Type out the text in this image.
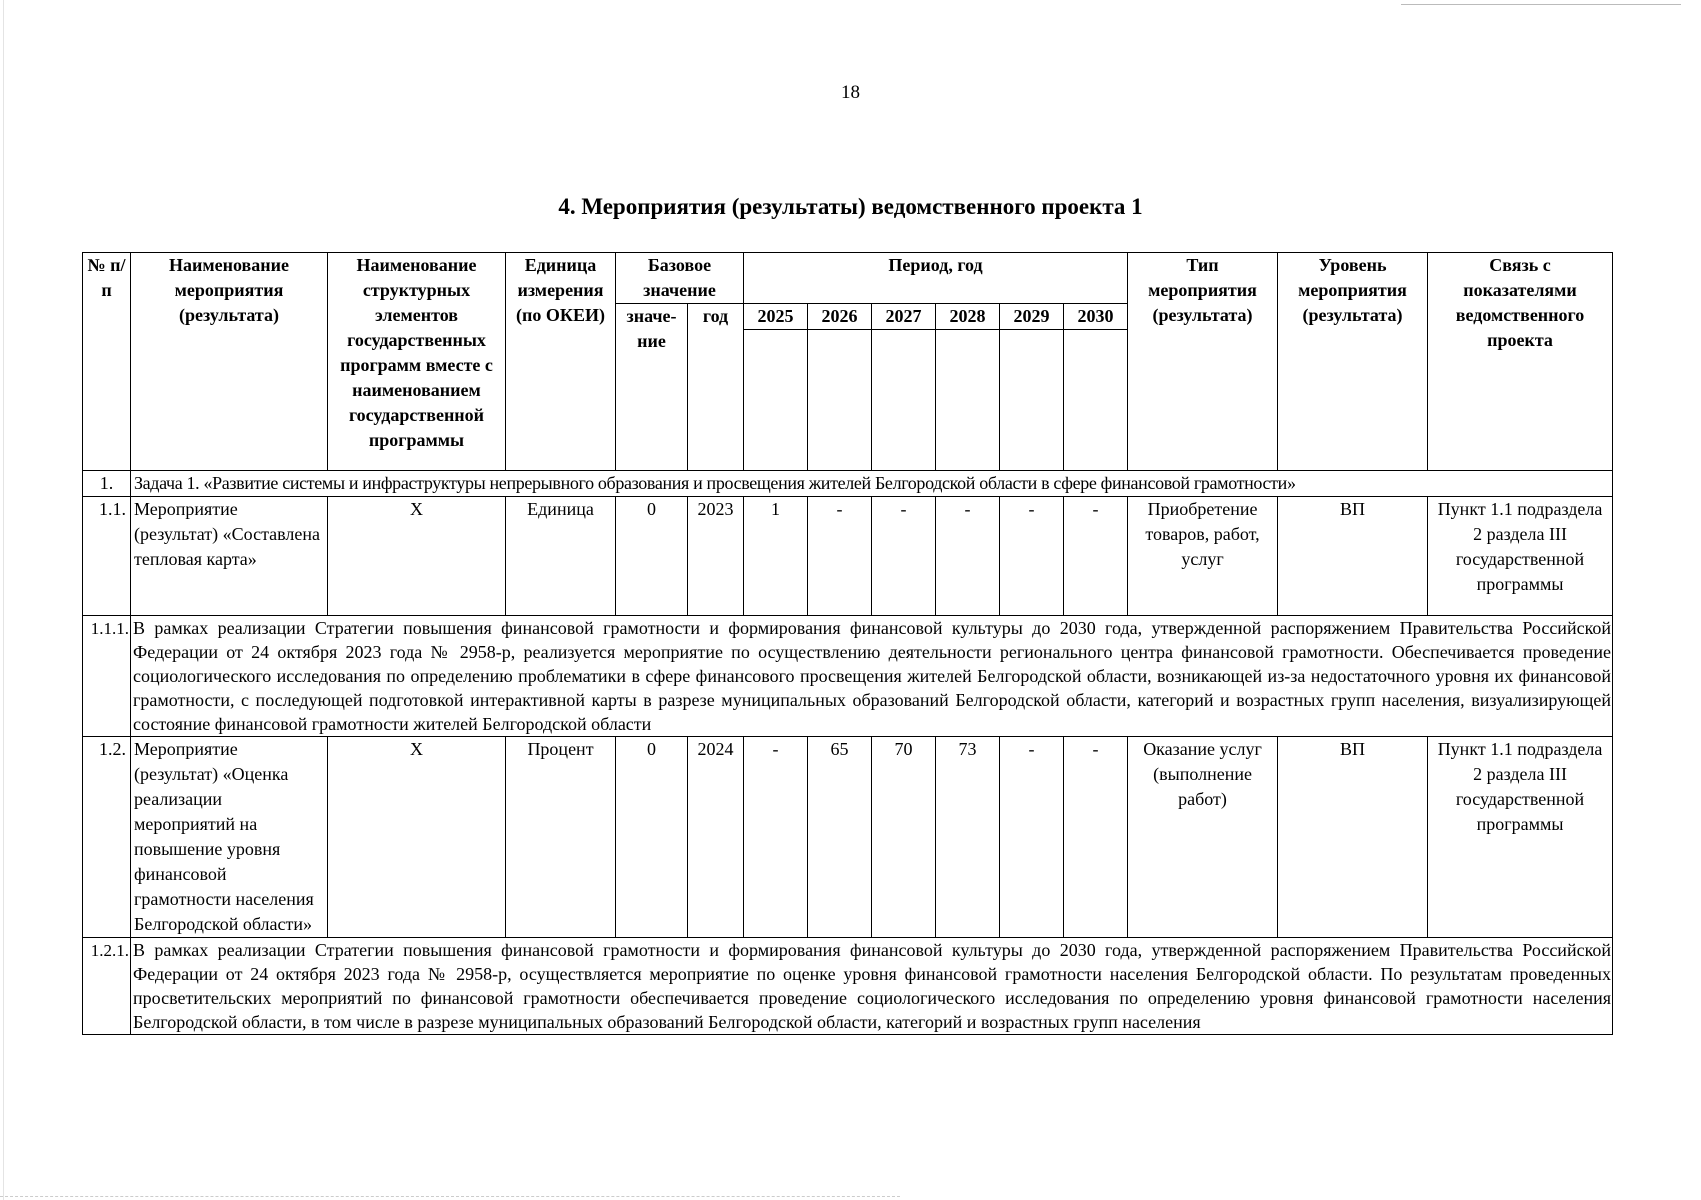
18
4. Мероприятия (результаты) ведомственного проекта 1
№ п/п	Наименование мероприятия (результата)	Наименование структурных элементов государственных программ вместе с наименованием государственной программы	Единица измерения (по ОКЕИ)	Базовое значение		Период, год						Тип мероприятия (результата)	Уровень мероприятия (результата)	Связь с показателями ведомственного проекта
				значе-ние	год	2025	2026	2027	2028	2029	2030			

1.	Задача 1. «Развитие системы и инфраструктуры непрерывного образования и просвещения жителей Белгородской области в сфере финансовой грамотности»													
1.1.	Мероприятие (результат) «Составлена тепловая карта»	Х	Единица	0	2023	1	-	-	-	-	-	Приобретение товаров, работ, услуг	ВП	Пункт 1.1 подраздела 2 раздела III государственной программы
1.1.1.	В рамках реализации Стратегии повышения финансовой грамотности и формирования финансовой культуры до 2030 года, утвержденной распоряжением Правительства Российской Федерации от 24 октября 2023 года № 2958-р, реализуется мероприятие по осуществлению деятельности регионального центра финансовой грамотности. Обеспечивается проведение социологического исследования по определению проблематики в сфере финансового просвещения жителей Белгородской области, возникающей из-за недостаточного уровня их финансовой грамотности, с последующей подготовкой интерактивной карты в разрезе муниципальных образований Белгородской области, категорий и возрастных групп населения, визуализирующей состояние финансовой грамотности жителей Белгородской области													
1.2.	Мероприятие (результат) «Оценка реализации мероприятий на повышение уровня финансовой грамотности населения Белгородской области»	Х	Процент	0	2024	-	65	70	73	-	-	Оказание услуг (выполнение работ)	ВП	Пункт 1.1 подраздела 2 раздела III государственной программы
1.2.1.	В рамках реализации Стратегии повышения финансовой грамотности и формирования финансовой культуры до 2030 года, утвержденной распоряжением Правительства Российской Федерации от 24 октября 2023 года № 2958-р, осуществляется мероприятие по оценке уровня финансовой грамотности населения Белгородской области. По результатам проведенных просветительских мероприятий по финансовой грамотности обеспечивается проведение социологического исследования по определению уровня финансовой грамотности населения Белгородской области, в том числе в разрезе муниципальных образований Белгородской области, категорий и возрастных групп населения													
